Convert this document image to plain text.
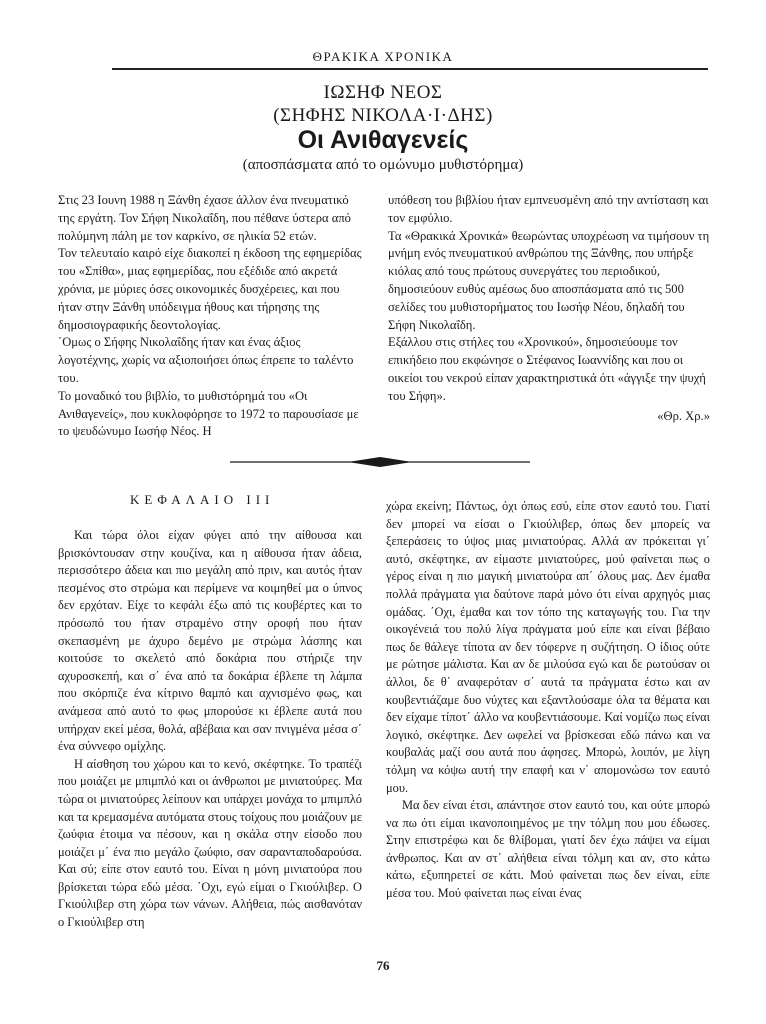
ΘΡΑΚΙΚΑ ΧΡΟΝΙΚΑ
ΙΩΣΗΦ ΝΕΟΣ
(ΣΗΦΗΣ ΝΙΚΟΛΑ·Ι·ΔΗΣ)
Οι Ανιθαγενείς
(αποσπάσματα από το ομώνυμο μυθιστόρημα)

Στις 23 Ιουνη 1988 η Ξάνθη έχασε άλλον ένα πνευματικό της εργάτη. Τον Σήφη Νικολαΐδη, που πέθανε ύστερα από πολύμηνη πάλη με τον καρκίνο, σε ηλικία 52 ετών.

Τον τελευταίο καιρό είχε διακοπεί η έκδοση της εφημερίδας του «Σπίθα», μιας εφημερίδας, που εξέδιδε από ακρετά χρόνια, με μύριες όσες οικονομικές δυσχέρειες, και που ήταν στην Ξάνθη υπόδειγμα ήθους και τήρησης της δημοσιογραφικής δεοντολογίας.

΄Ομως ο Σήφης Νικολαΐδης ήταν και ένας άξιος λογοτέχνης, χωρίς να αξιοποιήσει όπως έπρεπε το ταλέντο του.

Το μοναδικό του βιβλίο, το μυθιστόρημά του «Οι Ανιθαγενείς», που κυκλοφόρησε το 1972 το παρουσίασε με το ψευδώνυμο Ιωσήφ Νέος. Η

υπόθεση του βιβλίου ήταν εμπνευσμένη από την αντίσταση και τον εμφύλιο.

Τα «Θρακικά Χρονικά» θεωρώντας υποχρέωση να τιμήσουν τη μνήμη ενός πνευματικού ανθρώπου της Ξάνθης, που υπήρξε κιόλας από τους πρώτους συνεργάτες του περιοδικού, δημοσιεύουν ευθύς αμέσως δυο αποσπάσματα από τις 500 σελίδες του μυθιστορήματος του Ιωσήφ Νέου, δηλαδή του Σήφη Νικολαΐδη.

Εξάλλου στις στήλες του «Χρονικού», δημοσιεύουμε τον επικήδειο που εκφώνησε ο Στέφανος Ιωαννίδης και που οι οικείοι του νεκρού είπαν χαρακτηριστικά ότι «άγγιξε την ψυχή του Σήφη».

«Θρ. Χρ.»

ΚΕΦΑΛΑΙΟ ΙΙΙ

Και τώρα όλοι είχαν φύγει από την αίθουσα και βρισκόντουσαν στην κουζίνα, και η αίθουσα ήταν άδεια, περισσότερο άδεια και πιο μεγάλη από πριν, και αυτός ήταν πεσμένος στο στρώμα και περίμενε να κοιμηθεί μα ο ύπνος δεν ερχόταν. Είχε το κεφάλι έξω από τις κουβέρτες και το πρόσωπό του ήταν στραμένο στην οροφή που ήταν σκεπασμένη με άχυρο δεμένο με στρώμα λάσπης και κοιτούσε το σκελετό από δοκάρια που στήριζε την αχυροσκεπή, και σ΄ ένα από τα δοκάρια έβλεπε τη λάμπα που σκόρπιζε ένα κίτρινο θαμπό και αχνισμένο φως, και ανάμεσα από αυτό το φως μπορούσε κι έβλεπε αυτά που υπήρχαν εκεί μέσα, θολά, αβέβαια και σαν πνιγμένα μέσα σ΄ ένα σύννεφο ομίχλης.

Η αίσθηση του χώρου και το κενό, σκέφτηκε. Το τραπέζι που μοιάζει με μπιμπλό και οι άνθρωποι με μινιατούρες. Μα τώρα οι μινιατούρες λείπουν και υπάρχει μονάχα το μπιμπλό και τα κρεμασμένα αυτόματα στους τοίχους που μοιάζουν με ζωύφια έτοιμα να πέσουν, και η σκάλα στην είσοδο που μοιάζει μ΄ ένα πιο μεγάλο ζωύφιο, σαν σαρανταποδαρούσα. Και σύ; είπε στον εαυτό του. Είναι η μόνη μινιατούρα που βρίσκεται τώρα εδώ μέσα. ΄Οχι, εγώ είμαι ο Γκιούλιβερ. Ο Γκιούλιβερ στη χώρα των νάνων. Αλήθεια, πώς αισθανόταν ο Γκιούλιβερ στη

χώρα εκείνη; Πάντως, όχι όπως εσύ, είπε στον εαυτό του. Γιατί δεν μπορεί να είσαι ο Γκιούλιβερ, όπως δεν μπορείς να ξεπεράσεις το ύψος μιας μινιατούρας. Αλλά αν πρόκειται γι΄ αυτό, σκέφτηκε, αν είμαστε μινιατούρες, μού φαίνεται πως ο γέρος είναι η πιο μαγική μινιατούρα απ΄ όλους μας. Δεν έμαθα πολλά πράγματα για δαύτονε παρά μόνο ότι είναι αρχηγός μιας ομάδας. ΄Οχι, έμαθα και τον τόπο της καταγωγής του. Για την οικογένειά του πολύ λίγα πράγματα μού είπε και είναι βέβαιο πως δε θάλεγε τίποτα αν δεν τόφερνε η συζήτηση. Ο ίδιος ούτε με ρώτησε μάλιστα. Και αν δε μιλούσα εγώ και δε ρωτούσαν οι άλλοι, δε θ΄ αναφερόταν σ΄ αυτά τα πράγματα έστω και αν κουβεντιάζαμε δυο νύχτες και εξαντλούσαμε όλα τα θέματα και δεν είχαμε τίποτ΄ άλλο να κουβεντιάσουμε. Καί νομίζω πως είναι λογικό, σκέφτηκε. Δεν ωφελεί να βρίσκεσαι εδώ πάνω και να κουβαλάς μαζί σου αυτά που άφησες. Μπορώ, λοιπόν, με λίγη τόλμη να κόψω αυτή την επαφή και ν΄ απομονώσω τον εαυτό μου.

Μα δεν είναι έτσι, απάντησε στον εαυτό του, και ούτε μπορώ να πω ότι είμαι ικανοποιημένος με την τόλμη που μου έδωσες. Στην επιστρέφω και δε θλίβομαι, γιατί δεν έχω πάψει να είμαι άνθρωπος. Και αν στ΄ αλήθεια είναι τόλμη και αν, στο κάτω κάτω, εξυπηρετεί σε κάτι. Μού φαίνεται πως δεν είναι, είπε μέσα του. Μού φαίνεται πως είναι ένας

76
